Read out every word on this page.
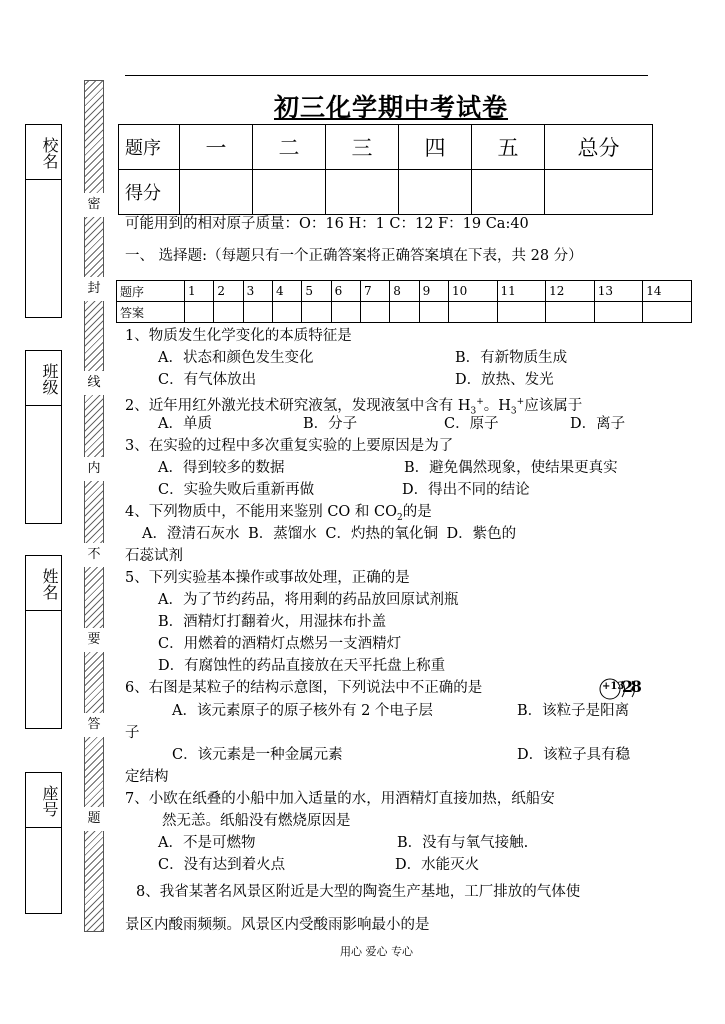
初三化学期中考试卷
校名
班级
姓名
座号
密
封
线
内
不
要
答
题
题序	一	二	三	四	五	总分
得分						
可能用到的相对原子质量：O：16 H：1 C：12 F：19 Ca:40
一、 选择题:（每题只有一个正确答案将正确答案填在下表，共 28 分）
题序	1	2	3	4	5	6	7	8	9	10	11	12	13	14
答案														
1、物质发生化学变化的本质特征是
A．状态和颜色发生变化	B．有新物质生成
C．有气体放出	D．放热、发光
2、近年用红外激光技术研究液氢，发现液氢中含有 $H_3^+$。$H_3^+$应该属于
A．单质	B．分子	C．原子	D．离子
3、在实验的过程中多次重复实验的上要原因是为了
A．得到较多的数据	B．避免偶然现象，使结果更真实
C．实验失败后重新再做	D．得出不同的结论
4、下列物质中，不能用来鉴别 CO 和 $CO_2$的是
A．澄清石灰水 B．蒸馏水 C．灼热的氧化铜 D．紫色的
石蕊试剂
5、下列实验基本操作或事故处理，正确的是
A．为了节约药品，将用剩的药品放回原试剂瓶
B．酒精灯打翻着火，用湿抹布扑盖
C．用燃着的酒精灯点燃另一支酒精灯
D．有腐蚀性的药品直接放在天平托盘上称重
6、右图是某粒子的结构示意图，下列说法中不正确的是	+13
2 8
A．该元素原子的原子核外有 2 个电子层	B．该粒子是阳离
子
C．该元素是一种金属元素	D．该粒子具有稳
定结构
7、小欧在纸叠的小船中加入适量的水，用酒精灯直接加热，纸船安
然无恙。纸船没有燃烧原因是
A．不是可燃物	B．没有与氧气接触.
C．没有达到着火点	D．水能灭火
8、我省某著名风景区附近是大型的陶瓷生产基地，工厂排放的气体使
景区内酸雨频频。风景区内受酸雨影响最小的是
用心 爱心 专心
